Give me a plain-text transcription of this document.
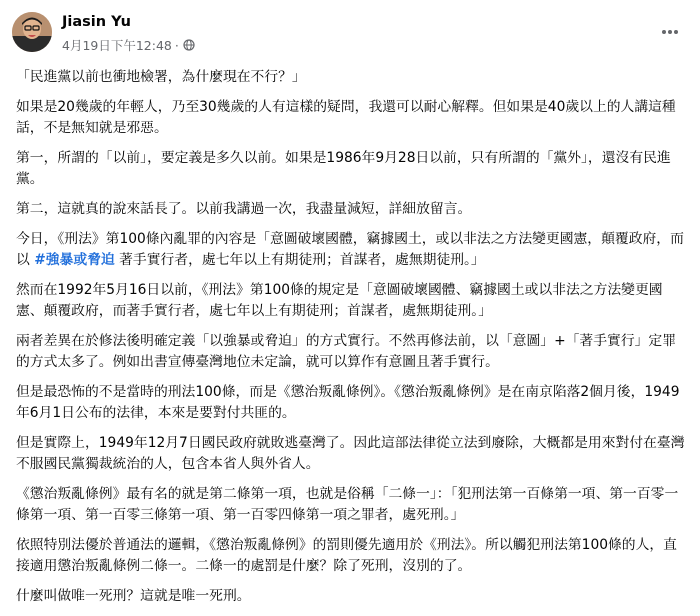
Jiasin Yu
4月19日下午12:48 ·

「民進黨以前也衝地檢署，為什麼現在不行？」

如果是20幾歲的年輕人，乃至30幾歲的人有這樣的疑問，我還可以耐心解釋。但如果是40歲以上的人講這種話，不是無知就是邪惡。

第一，所謂的「以前」，要定義是多久以前。如果是1986年9月28日以前，只有所謂的「黨外」，還沒有民進黨。

第二，這就真的說來話長了。以前我講過一次，我盡量減短，詳細放留言。

今日，《刑法》第100條內亂罪的內容是「意圖破壞國體，竊據國土，或以非法之方法變更國憲，顛覆政府，而以 #強暴或脅迫 著手實行者，處七年以上有期徒刑；首謀者，處無期徒刑。」

然而在1992年5月16日以前，《刑法》第100條的規定是「意圖破壞國體、竊據國土或以非法之方法變更國憲、顛覆政府，而著手實行者，處七年以上有期徒刑；首謀者，處無期徒刑。」

兩者差異在於修法後明確定義「以強暴或脅迫」的方式實行。不然再修法前，以「意圖」+「著手實行」定罪的方式太多了。例如出書宣傳臺灣地位未定論，就可以算作有意圖且著手實行。

但是最恐怖的不是當時的刑法100條，而是《懲治叛亂條例》。《懲治叛亂條例》是在南京陷落2個月後，1949年6月1日公布的法律，本來是要對付共匪的。

但是實際上，1949年12月7日國民政府就敗逃臺灣了。因此這部法律從立法到廢除，大概都是用來對付在臺灣不服國民黨獨裁統治的人，包含本省人與外省人。

《懲治叛亂條例》最有名的就是第二條第一項，也就是俗稱「二條一」：「犯刑法第一百條第一項、第一百零一條第一項、第一百零三條第一項、第一百零四條第一項之罪者，處死刑。」

依照特別法優於普通法的邏輯，《懲治叛亂條例》的罰則優先適用於《刑法》。所以觸犯刑法第100條的人，直接適用懲治叛亂條例二條一。二條一的處罰是什麼？除了死刑，沒別的了。

什麼叫做唯一死刑？這就是唯一死刑。
